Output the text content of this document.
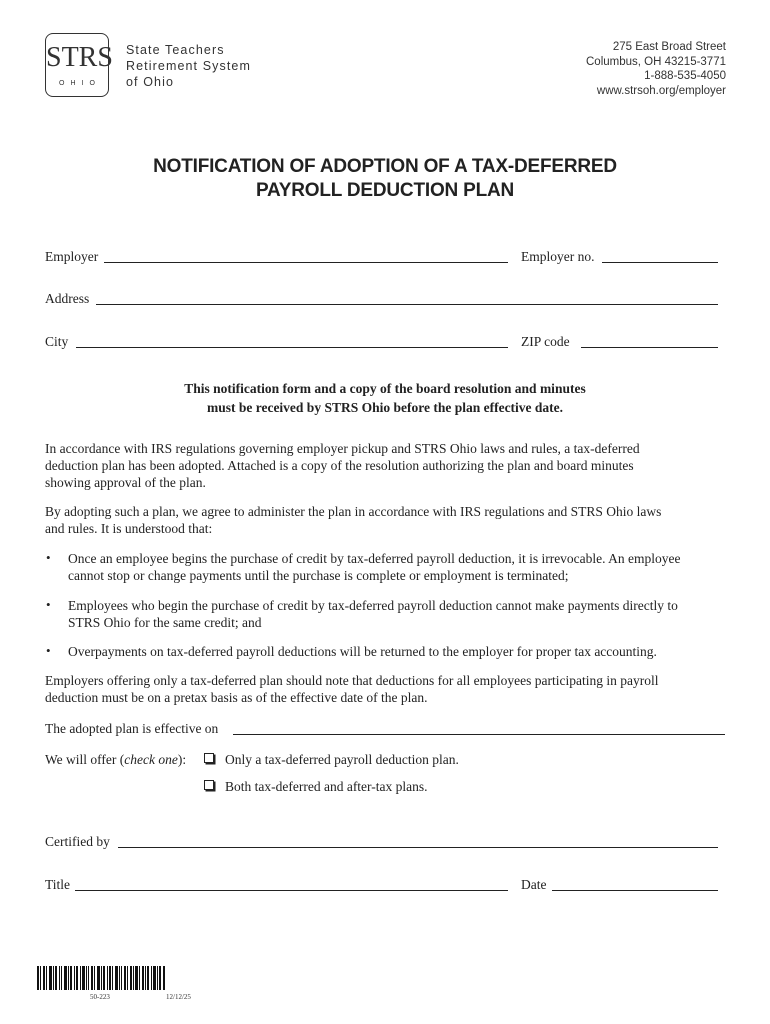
STRS
OHIO
State Teachers
Retirement System
of Ohio
275 East Broad Street
Columbus, OH 43215-3771
1-888-535-4050
www.strsoh.org/employer
NOTIFICATION OF ADOPTION OF A TAX-DEFERRED
PAYROLL DEDUCTION PLAN
Employer	Employer no.
Address
City	ZIP code
This notification form and a copy of the board resolution and minutes
must be received by STRS Ohio before the plan effective date.
In accordance with IRS regulations governing employer pickup and STRS Ohio laws and rules, a tax-deferred
deduction plan has been adopted. Attached is a copy of the resolution authorizing the plan and board minutes
showing approval of the plan.
By adopting such a plan, we agree to administer the plan in accordance with IRS regulations and STRS Ohio laws
and rules. It is understood that:
• Once an employee begins the purchase of credit by tax-deferred payroll deduction, it is irrevocable. An employee
cannot stop or change payments until the purchase is complete or employment is terminated;
• Employees who begin the purchase of credit by tax-deferred payroll deduction cannot make payments directly to
STRS Ohio for the same credit; and
• Overpayments on tax-deferred payroll deductions will be returned to the employer for proper tax accounting.
Employers offering only a tax-deferred plan should note that deductions for all employees participating in payroll
deduction must be on a pretax basis as of the effective date of the plan.
The adopted plan is effective on
We will offer (check one):	Only a tax-deferred payroll deduction plan.
Both tax-deferred and after-tax plans.
Certified by
Title	Date
50-223	12/12/25
